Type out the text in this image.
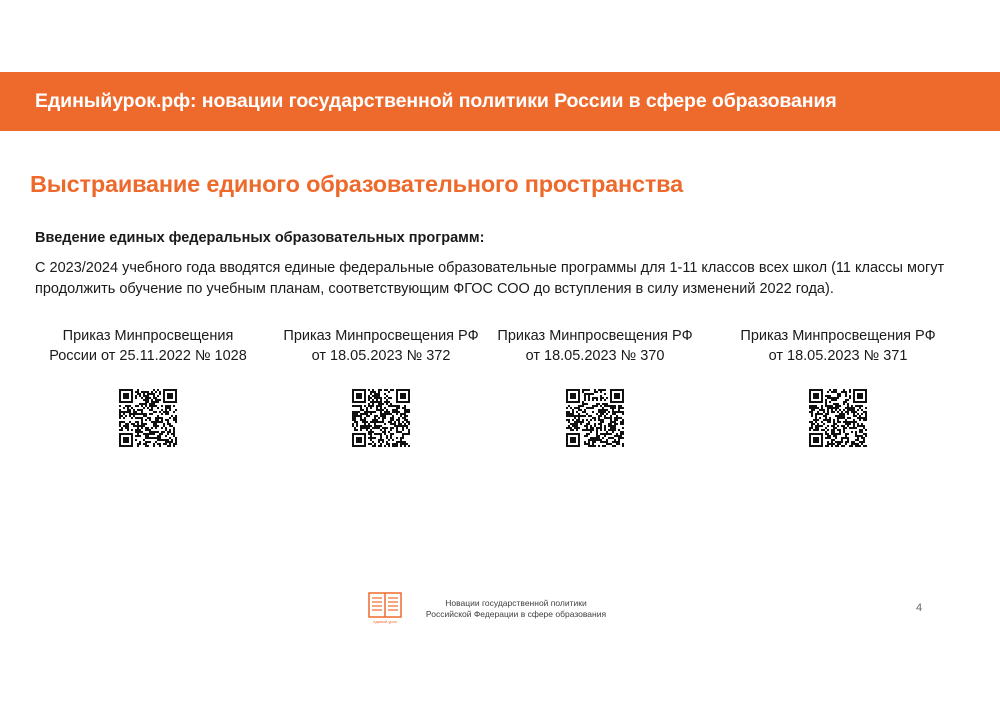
Единыйурок.рф: новации государственной политики России в сфере образования
Выстраивание единого образовательного пространства
Введение единых федеральных образовательных программ:

С 2023/2024 учебного года вводятся единые федеральные образовательные программы для 1-11 классов всех школ (11 классы могут продолжить обучение по учебным планам, соответствующим ФГОС СОО до вступления в силу изменений 2022 года).

Приказ Минпросвещения
России от 25.11.2022 № 1028
Приказ Минпросвещения РФ
от 18.05.2023 № 372
Приказ Минпросвещения РФ
от 18.05.2023 № 370
Приказ Минпросвещения РФ
от 18.05.2023 № 371
единый урок
Новации государственной политики
Российской Федерации в сфере образования	4
